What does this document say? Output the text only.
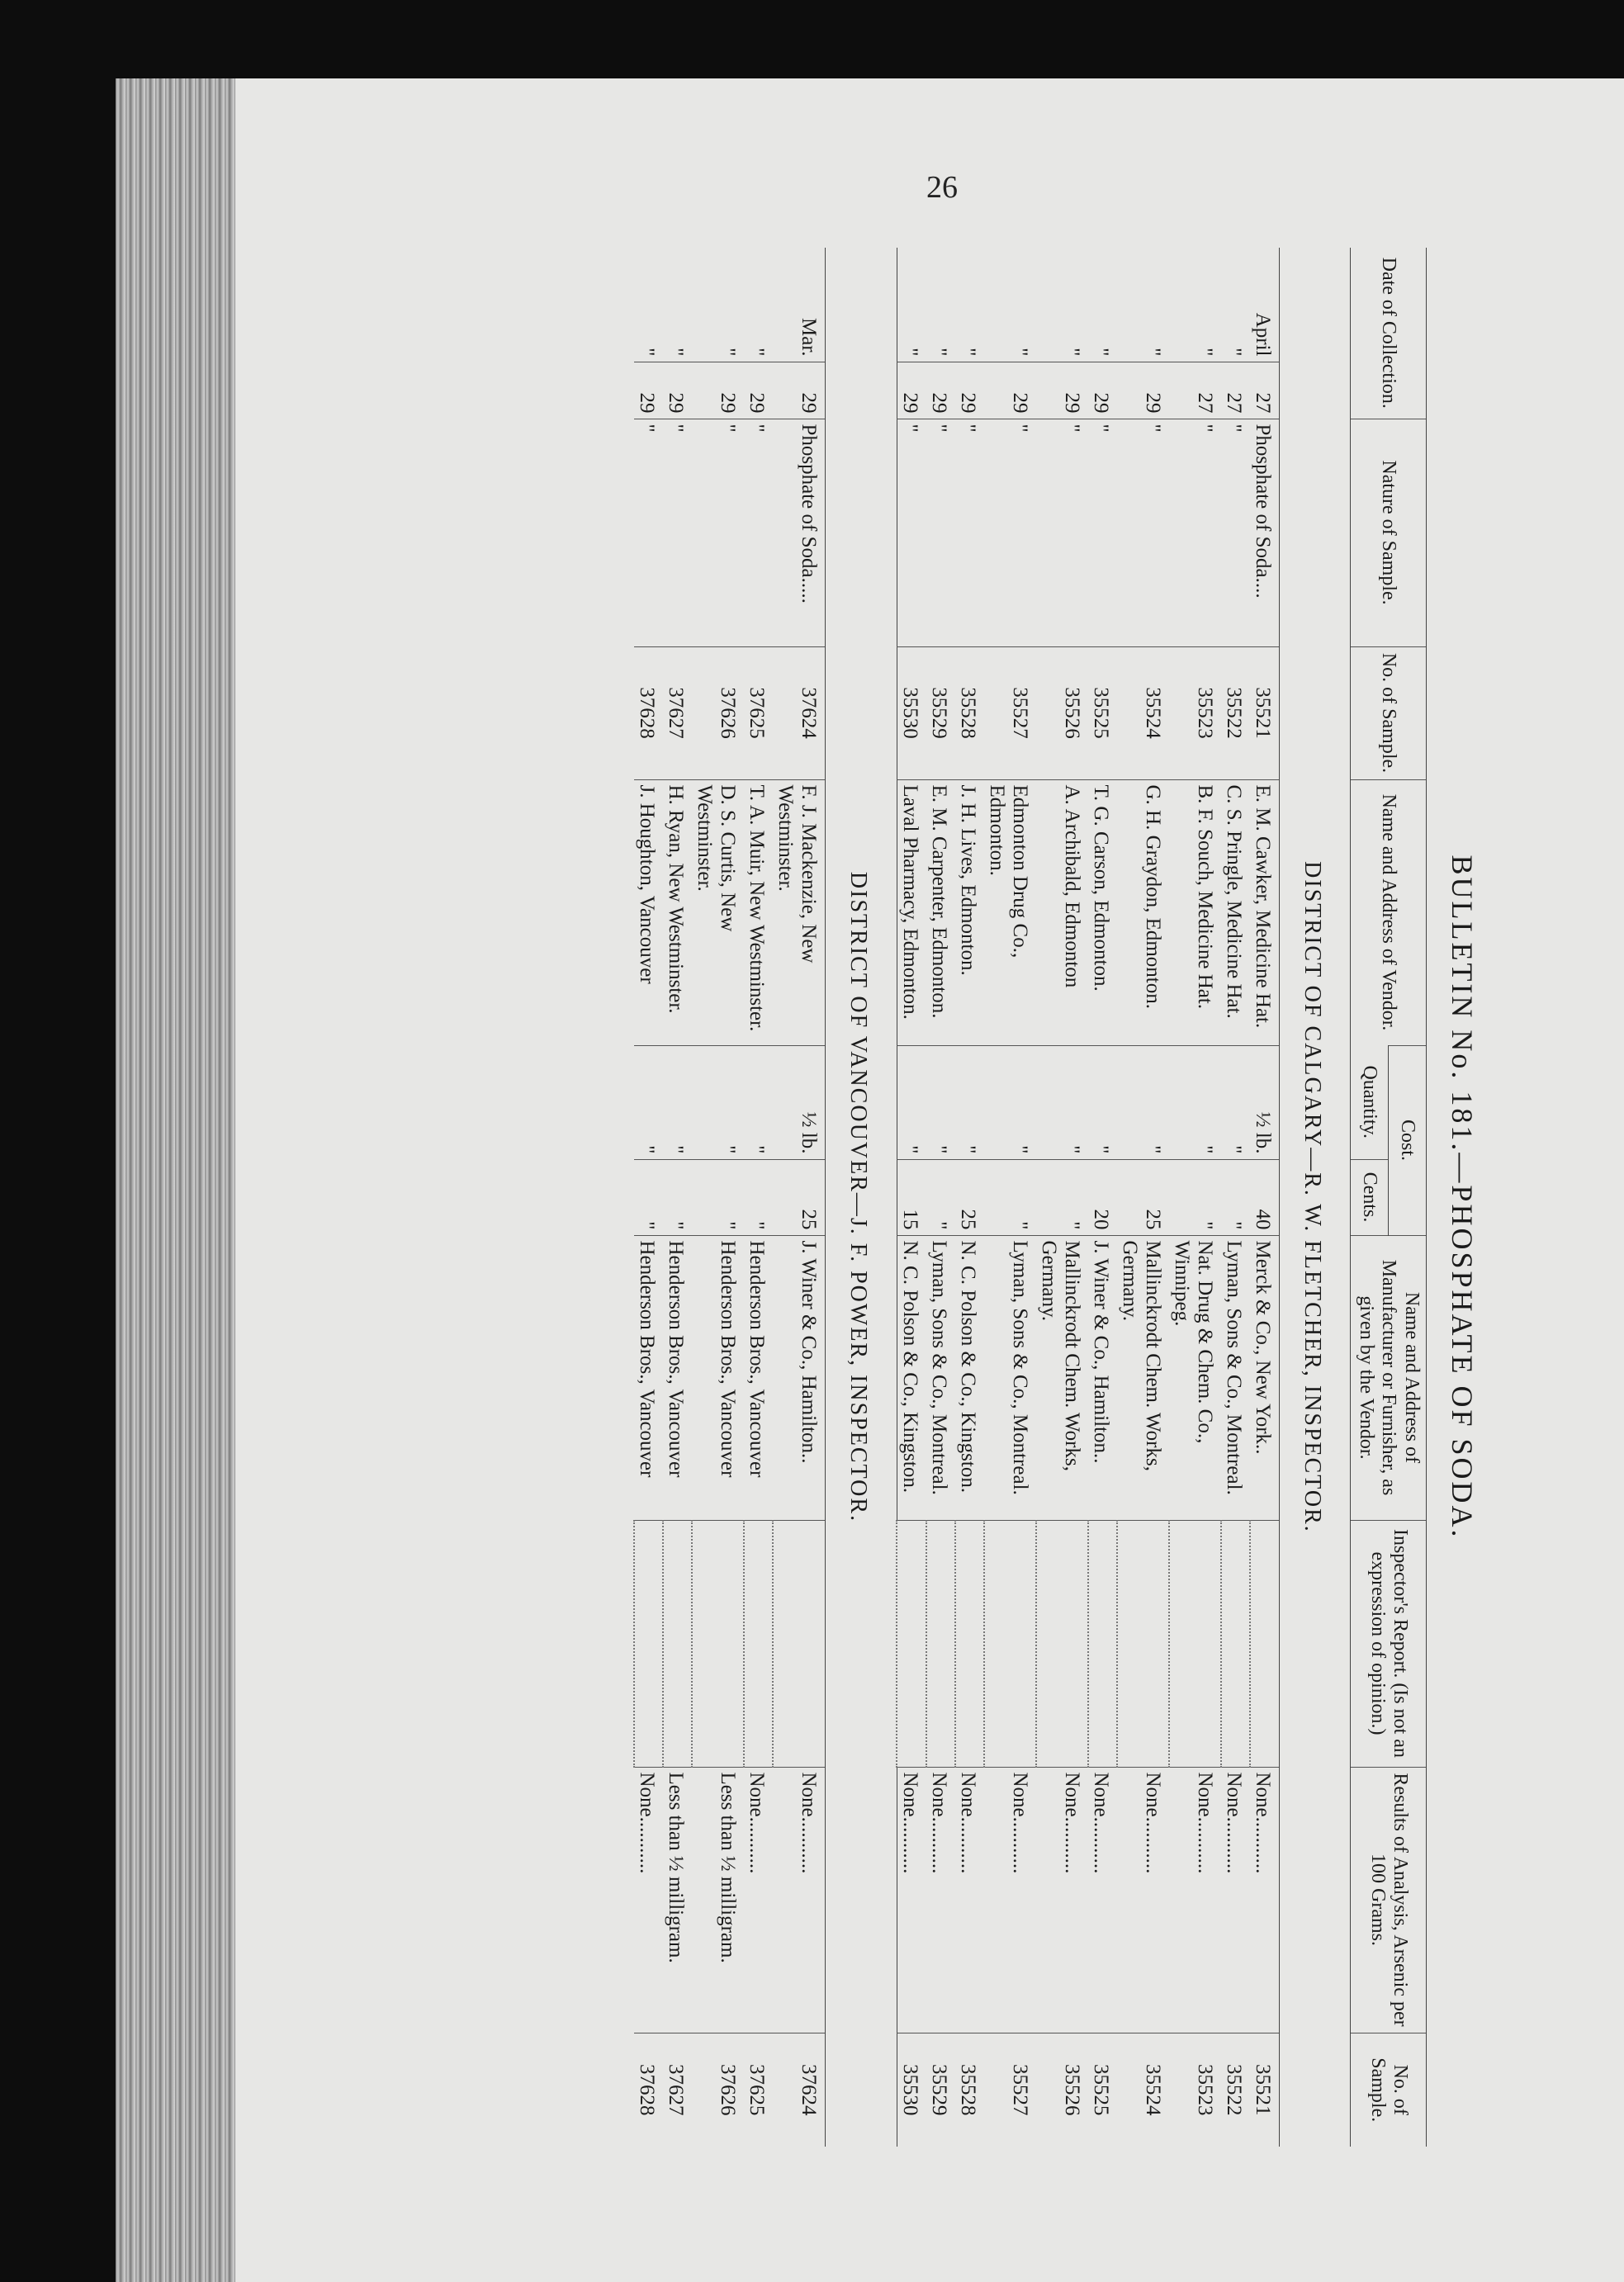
26
BULLETIN No. 181.—PHOSPHATE OF SODA.
Date of Collection.		Nature of Sample.	No. of Sample.	Name and Address of Vendor.	Cost.		Name and Address of Manufacturer or Furnisher, as given by the Vendor.	Inspector's Report. (Is not an expression of opinion.)	Results of Analysis, Arsenic per 100 Grams.	No. of Sample.
					Quantity.	Cents.				
DISTRICT OF CALGARY—R. W. FLETCHER, INSPECTOR.										
April	27	Phosphate of Soda....	35521	E. M. Cawker, Medicine Hat.	½ lb.	40	Merck & Co., New York..		None...........	35521
"	27	"	35522	C. S. Pringle, Medicine Hat.	"	"	Lyman, Sons & Co., Montreal.		None...........	35522
"	27	"	35523	B. F. Souch, Medicine Hat.	"	"	Nat. Drug & Chem. Co., Winnipeg.		None...........	35523
"	29	"	35524	G. H. Graydon, Edmonton.	"	25	Mallinckrodt Chem. Works, Germany.		None...........	35524
"	29	"	35525	T. G. Carson, Edmonton.	"	20	J. Winer & Co., Hamilton..		None...........	35525
"	29	"	35526	A. Archibald, Edmonton	"	"	Mallinckrodt Chem. Works, Germany.		None...........	35526
"	29	"	35527	Edmonton Drug Co., Edmonton.	"	"	Lyman, Sons & Co., Montreal.		None...........	35527
"	29	"	35528	J. H. Lives, Edmonton.	"	25	N. C. Polson & Co., Kingston.		None...........	35528
"	29	"	35529	E. M. Carpenter, Edmonton.	"	"	Lyman, Sons & Co., Montreal.		None...........	35529
"	29	"	35530	Laval Pharmacy, Edmonton.	"	15	N. C. Polson & Co., Kingston.		None...........	35530
DISTRICT OF VANCOUVER—J. F. POWER, INSPECTOR.										
Mar.	29	Phosphate of Soda.....	37624	F. J. Mackenzie, New Westminster.	½ lb.	25	J. Winer & Co., Hamilton..		None...........	37624
"	29	"	37625	T. A. Muir, New Westminster.	"	"	Henderson Bros., Vancouver		None...........	37625
"	29	"	37626	D. S. Curtis, New Westminster.	"	"	Henderson Bros., Vancouver		Less than ½ milligram.	37626
"	29	"	37627	H. Ryan, New Westminster.	"	"	Henderson Bros., Vancouver		Less than ½ milligram.	37627
"	29	"	37628	J. Houghton, Vancouver	"	"	Henderson Bros., Vancouver		None...........	37628
